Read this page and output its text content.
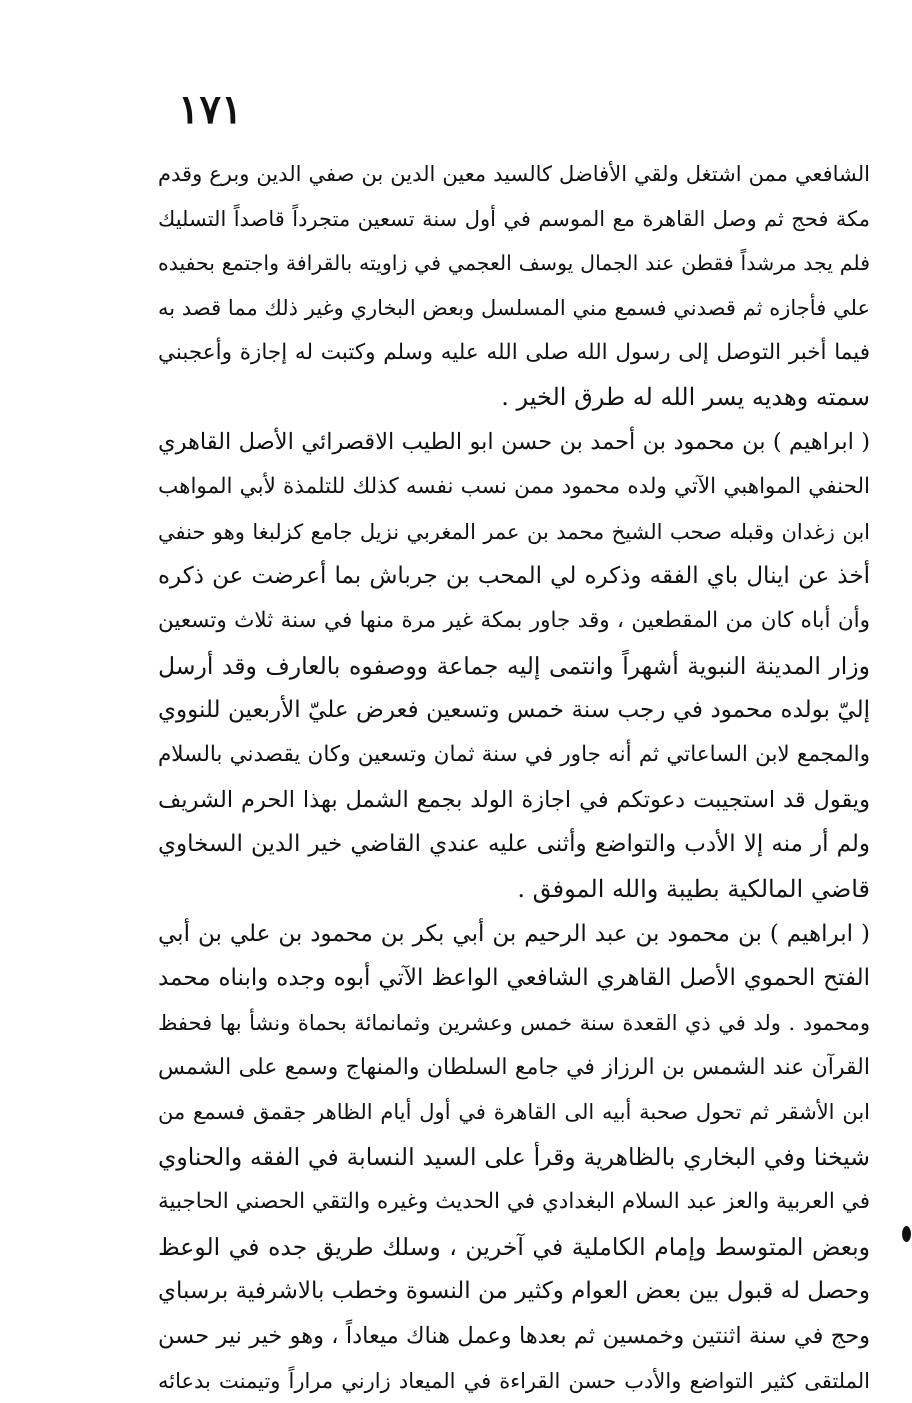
١٧١
الشافعي ممن اشتغل ولقي الأفاضل كالسيد معين الدين بن صفي الدين وبرع وقدم
مكة فحج ثم وصل القاهرة مع الموسم في أول سنة تسعين متجرداً قاصداً التسليك
فلم يجد مرشداً فقطن عند الجمال يوسف العجمي في زاويته بالقرافة واجتمع بحفيده
علي فأجازه ثم قصدني فسمع مني المسلسل وبعض البخاري وغير ذلك مما قصد به
فيما أخبر التوصل إلى رسول الله صلى الله عليه وسلم وكتبت له إجازة وأعجبني
سمته وهديه يسر الله له طرق الخير .
( ابراهيم ) بن محمود بن أحمد بن حسن ابو الطيب الاقصرائي الأصل القاهري
الحنفي المواهبي الآتي ولده محمود ممن نسب نفسه كذلك للتلمذة لأبي المواهب
ابن زغدان وقبله صحب الشيخ محمد بن عمر المغربي نزيل جامع كزلبغا وهو حنفي
أخذ عن اينال باي الفقه وذكره لي المحب بن جرباش بما أعرضت عن ذكره
وأن أباه كان من المقطعين ، وقد جاور بمكة غير مرة منها في سنة ثلاث وتسعين
وزار المدينة النبوية أشهراً وانتمى إليه جماعة ووصفوه بالعارف وقد أرسل
إليّ بولده محمود في رجب سنة خمس وتسعين فعرض عليّ الأربعين للنووي
والمجمع لابن الساعاتي ثم أنه جاور في سنة ثمان وتسعين وكان يقصدني بالسلام
ويقول قد استجيبت دعوتكم في اجازة الولد بجمع الشمل بهذا الحرم الشريف
ولم أر منه إلا الأدب والتواضع وأثنى عليه عندي القاضي خير الدين السخاوي
قاضي المالكية بطيبة والله الموفق .
( ابراهيم ) بن محمود بن عبد الرحيم بن أبي بكر بن محمود بن علي بن أبي
الفتح الحموي الأصل القاهري الشافعي الواعظ الآتي أبوه وجده وابناه محمد
ومحمود . ولد في ذي القعدة سنة خمس وعشرين وثمانمائة بحماة ونشأ بها فحفظ
القرآن عند الشمس بن الرزاز في جامع السلطان والمنهاج وسمع على الشمس
ابن الأشقر ثم تحول صحبة أبيه الى القاهرة في أول أيام الظاهر جقمق فسمع من
شيخنا وفي البخاري بالظاهرية وقرأ على السيد النسابة في الفقه والحناوي
في العربية والعز عبد السلام البغدادي في الحديث وغيره والتقي الحصني الحاجبية
وبعض المتوسط وإمام الكاملية في آخرين ، وسلك طريق جده في الوعظ
وحصل له قبول بين بعض العوام وكثير من النسوة وخطب بالاشرفية برسباي
وحج في سنة اثنتين وخمسين ثم بعدها وعمل هناك ميعاداً ، وهو خير نير حسن
الملتقى كثير التواضع والأدب حسن القراءة في الميعاد زارني مراراً وتيمنت بدعائه
